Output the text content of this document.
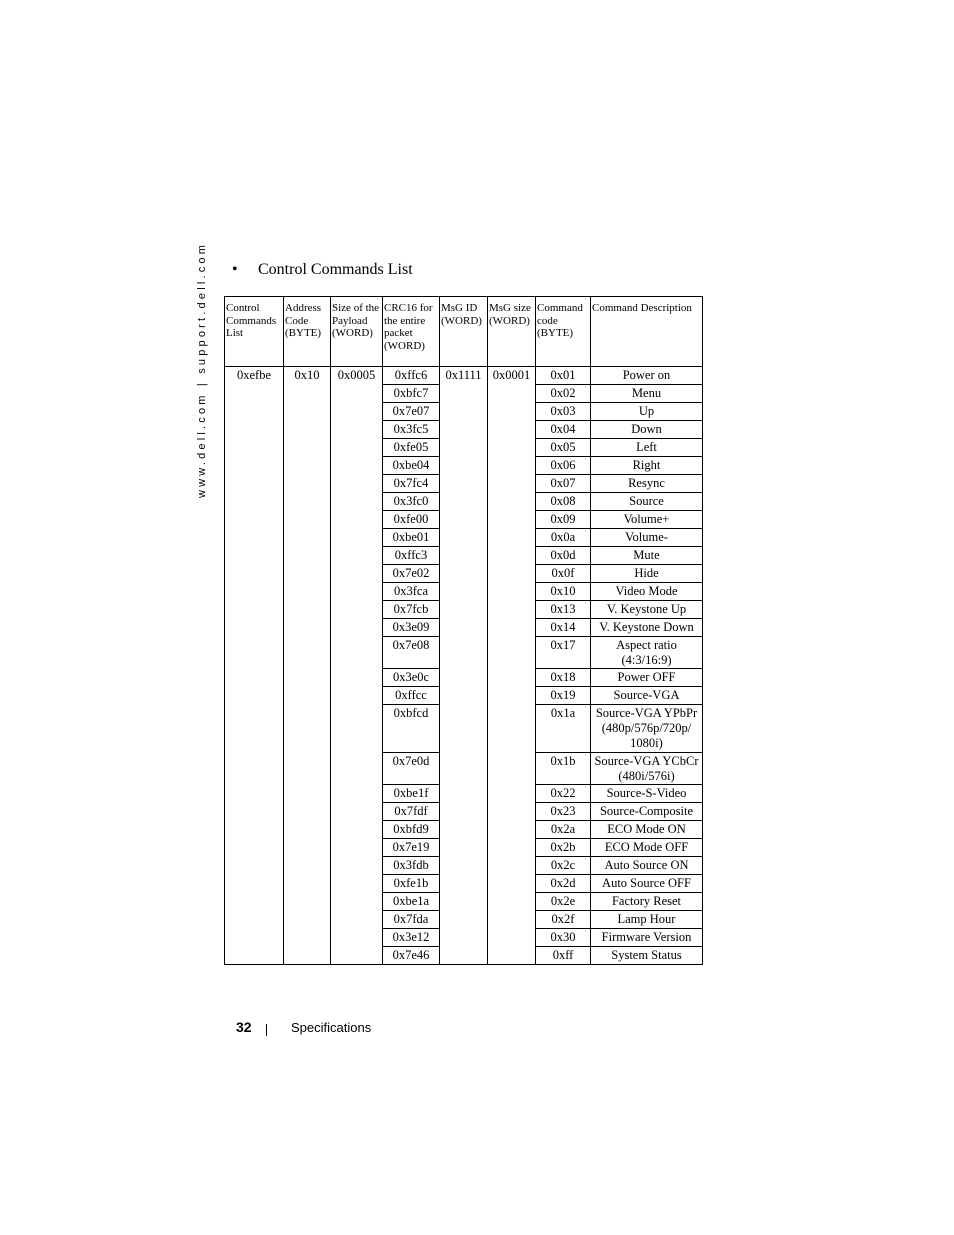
www.dell.com | support.dell.com • Control Commands List
Control Commands List	Address Code (BYTE)	Size of the Payload (WORD)	CRC16 for the entire packet (WORD)	MsG ID (WORD)	MsG size (WORD)	Command code (BYTE)	Command Description
0xefbe	0x10	0x0005	0xffc6	0x1111	0x0001	0x01	Power on
			0xbfc7			0x02	Menu
			0x7e07			0x03	Up
			0x3fc5			0x04	Down
			0xfe05			0x05	Left
			0xbe04			0x06	Right
			0x7fc4			0x07	Resync
			0x3fc0			0x08	Source
			0xfe00			0x09	Volume+
			0xbe01			0x0a	Volume-
			0xffc3			0x0d	Mute
			0x7e02			0x0f	Hide
			0x3fca			0x10	Video Mode
			0x7fcb			0x13	V. Keystone Up
			0x3e09			0x14	V. Keystone Down
			0x7e08			0x17	Aspect ratio (4:3/16:9)
			0x3e0c			0x18	Power OFF
			0xffcc			0x19	Source-VGA
			0xbfcd			0x1a	Source-VGA YPbPr (480p/576p/720p/ 1080i)
			0x7e0d			0x1b	Source-VGA YCbCr (480i/576i)
			0xbe1f			0x22	Source-S-Video
			0x7fdf			0x23	Source-Composite
			0xbfd9			0x2a	ECO Mode ON
			0x7e19			0x2b	ECO Mode OFF
			0x3fdb			0x2c	Auto Source ON
			0xfe1b			0x2d	Auto Source OFF
			0xbe1a			0x2e	Factory Reset
			0x7fda			0x2f	Lamp Hour
			0x3e12			0x30	Firmware Version
			0x7e46			0xff	System Status
32	Specifications
